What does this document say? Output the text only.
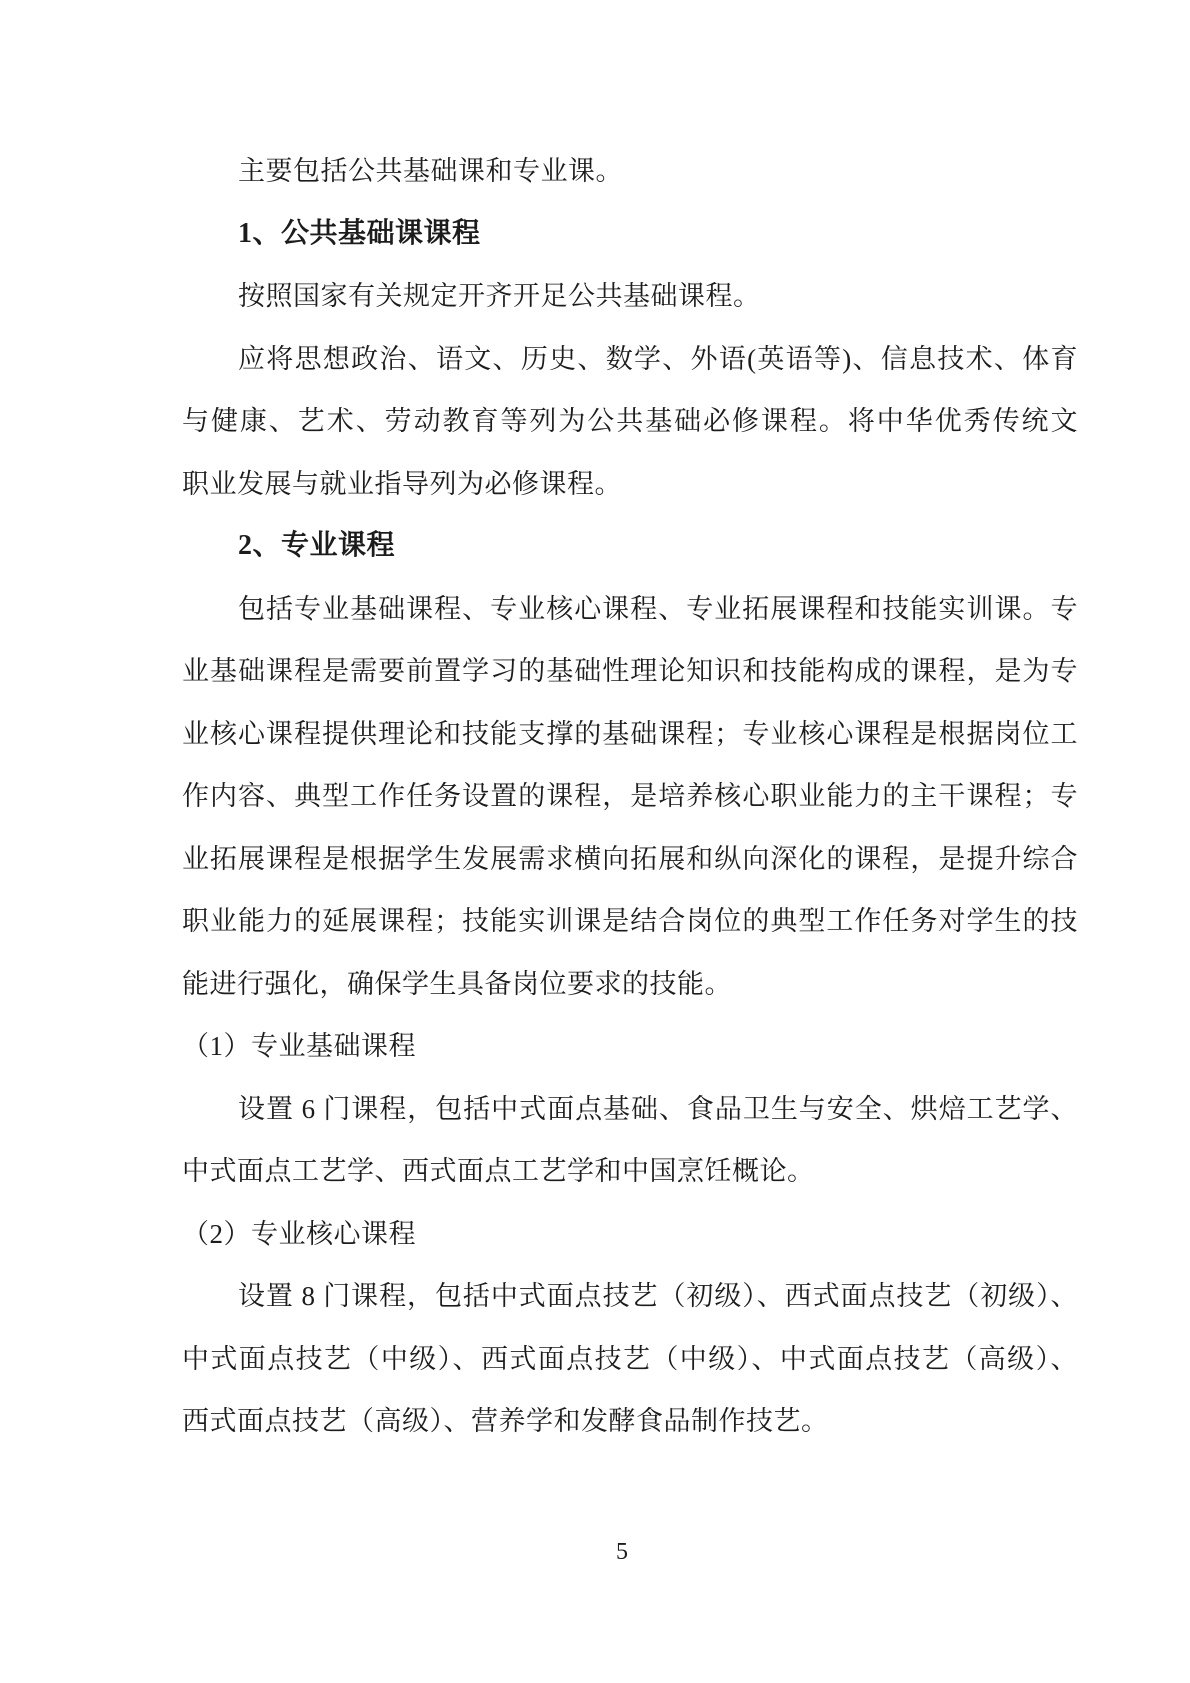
主要包括公共基础课和专业课。
1、公共基础课课程
按照国家有关规定开齐开足公共基础课程。
应将思想政治、语文、历史、数学、外语(英语等)、信息技术、体育
与健康、艺术、劳动教育等列为公共基础必修课程。将中华优秀传统文
职业发展与就业指导列为必修课程。
2、专业课程
包括专业基础课程、专业核心课程、专业拓展课程和技能实训课。专
业基础课程是需要前置学习的基础性理论知识和技能构成的课程，是为专
业核心课程提供理论和技能支撑的基础课程；专业核心课程是根据岗位工
作内容、典型工作任务设置的课程，是培养核心职业能力的主干课程；专
业拓展课程是根据学生发展需求横向拓展和纵向深化的课程，是提升综合
职业能力的延展课程；技能实训课是结合岗位的典型工作任务对学生的技
能进行强化，确保学生具备岗位要求的技能。
（1）专业基础课程
设置 6 门课程，包括中式面点基础、食品卫生与安全、烘焙工艺学、
中式面点工艺学、西式面点工艺学和中国烹饪概论。
（2）专业核心课程
设置 8 门课程，包括中式面点技艺（初级）、西式面点技艺（初级）、
中式面点技艺（中级）、西式面点技艺（中级）、中式面点技艺（高级）、
西式面点技艺（高级）、营养学和发酵食品制作技艺。
5
